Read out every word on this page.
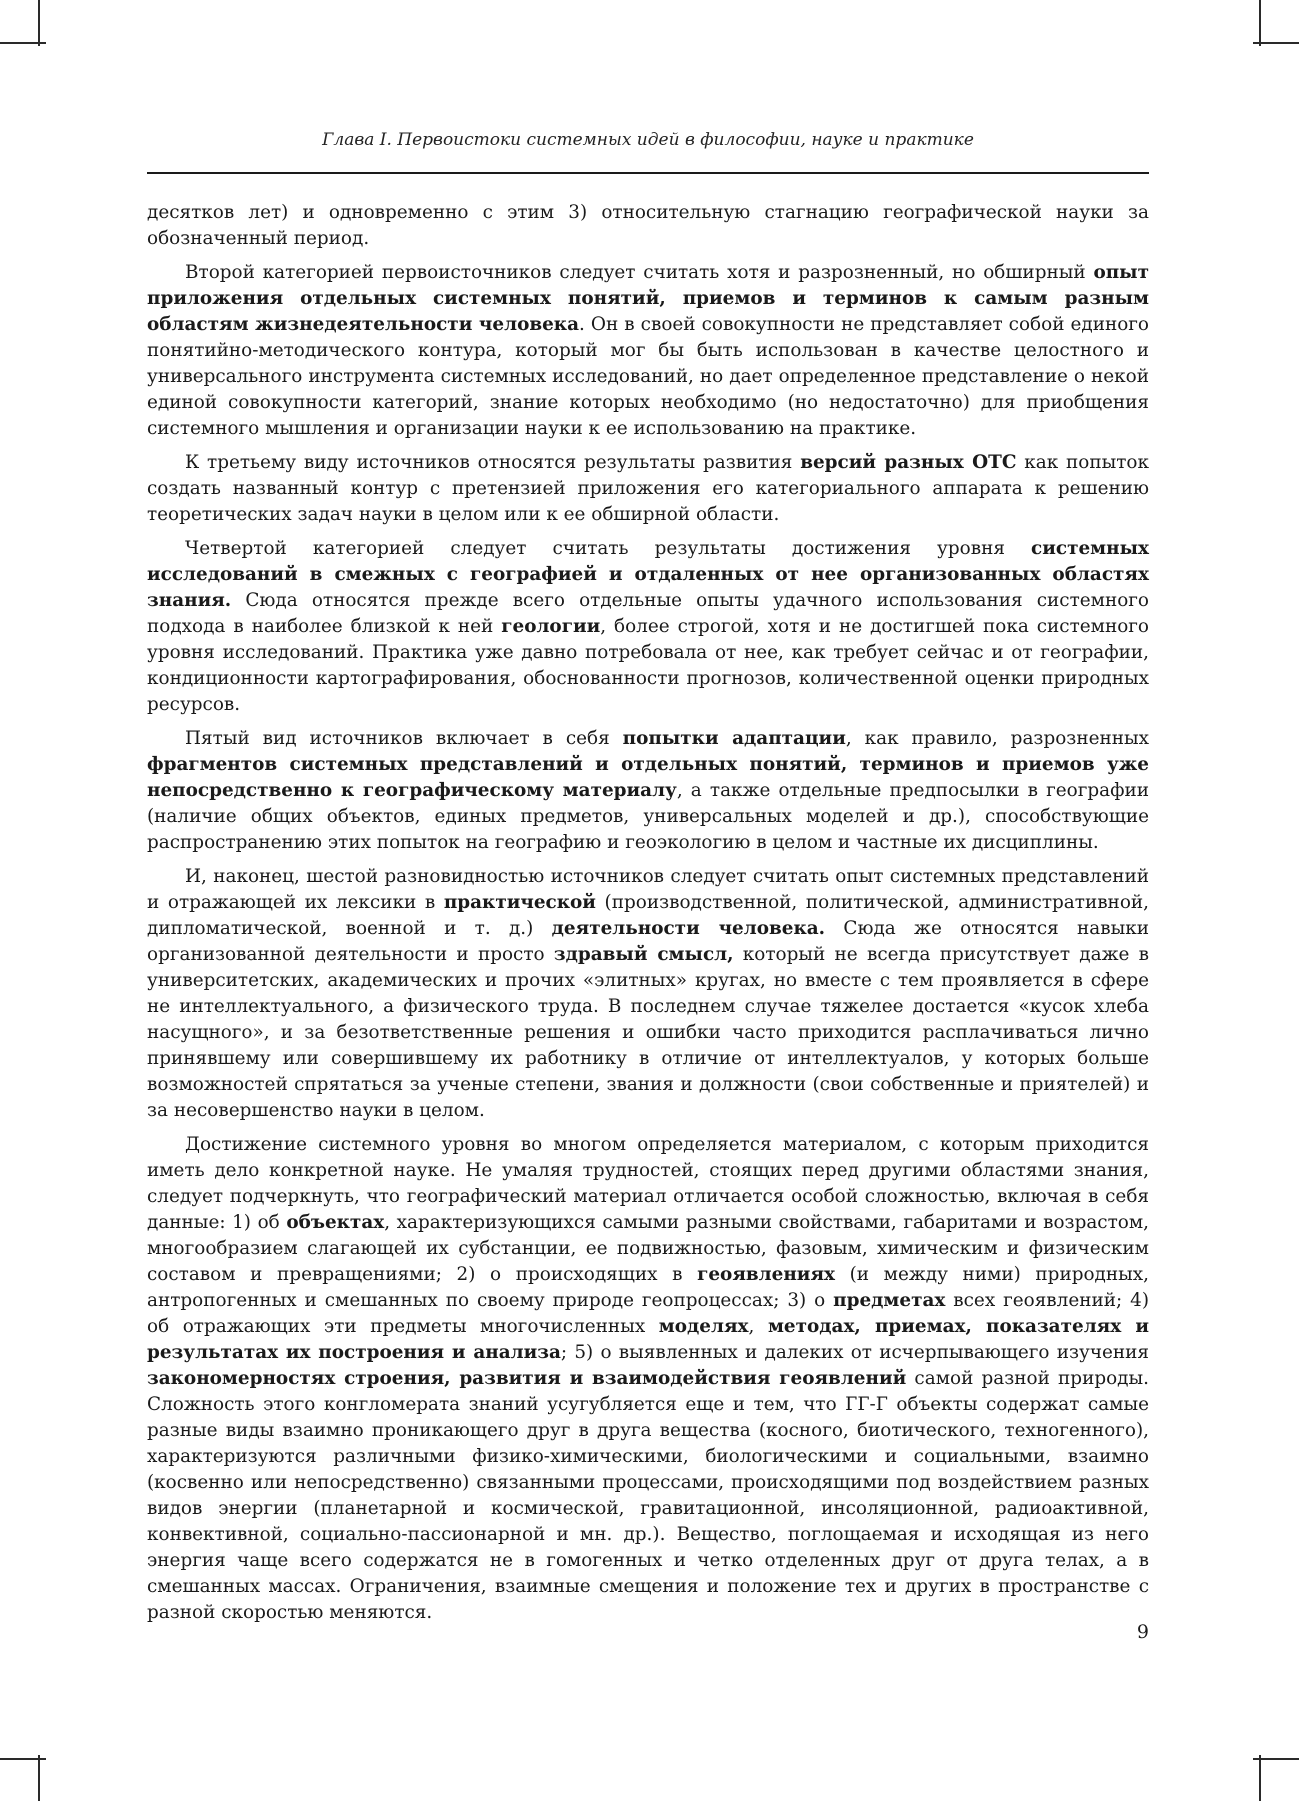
Глава I. Первоистоки системных идей в философии, науке и практике

десятков лет) и одновременно с этим 3) относительную стагнацию географической науки за обозначенный период.

Второй категорией первоисточников следует считать хотя и разрозненный, но обширный опыт приложения отдельных системных понятий, приемов и терминов к самым разным областям жизнедеятельности человека. Он в своей совокупности не представляет собой единого понятийно-методического контура, который мог бы быть использован в качестве целостного и универсального инструмента системных исследований, но дает определенное представление о некой единой совокупности категорий, знание которых необходимо (но недостаточно) для приобщения системного мышления и организации науки к ее использованию на практике.

К третьему виду источников относятся результаты развития версий разных ОТС как попыток создать названный контур с претензией приложения его категориального аппарата к решению теоретических задач науки в целом или к ее обширной области.

Четвертой категорией следует считать результаты достижения уровня системных исследований в смежных с географией и отдаленных от нее организованных областях знания. Сюда относятся прежде всего отдельные опыты удачного использования системного подхода в наиболее близкой к ней геологии, более строгой, хотя и не достигшей пока системного уровня исследований. Практика уже давно потребовала от нее, как требует сейчас и от географии, кондиционности картографирования, обоснованности прогнозов, количественной оценки природных ресурсов.

Пятый вид источников включает в себя попытки адаптации, как правило, разрозненных фрагментов системных представлений и отдельных понятий, терминов и приемов уже непосредственно к географическому материалу, а также отдельные предпосылки в географии (наличие общих объектов, единых предметов, универсальных моделей и др.), способствующие распространению этих попыток на географию и геоэкологию в целом и частные их дисциплины.

И, наконец, шестой разновидностью источников следует считать опыт системных представлений и отражающей их лексики в практической (производственной, политической, административной, дипломатической, военной и т. д.) деятельности человека. Сюда же относятся навыки организованной деятельности и просто здравый смысл, который не всегда присутствует даже в университетских, академических и прочих «элитных» кругах, но вместе с тем проявляется в сфере не интеллектуального, а физического труда. В последнем случае тяжелее достается «кусок хлеба насущного», и за безответственные решения и ошибки часто приходится расплачиваться лично принявшему или совершившему их работнику в отличие от интеллектуалов, у которых больше возможностей спрятаться за ученые степени, звания и должности (свои собственные и приятелей) и за несовершенство науки в целом.

Достижение системного уровня во многом определяется материалом, с которым приходится иметь дело конкретной науке. Не умаляя трудностей, стоящих перед другими областями знания, следует подчеркнуть, что географический материал отличается особой сложностью, включая в себя данные: 1) об объектах, характеризующихся самыми разными свойствами, габаритами и возрастом, многообразием слагающей их субстанции, ее подвижностью, фазовым, химическим и физическим составом и превращениями; 2) о происходящих в геоявлениях (и между ними) природных, антропогенных и смешанных по своему природе геопроцессах; 3) о предметах всех геоявлений; 4) об отражающих эти предметы многочисленных моделях, методах, приемах, показателях и результатах их построения и анализа; 5) о выявленных и далеких от исчерпывающего изучения закономерностях строения, развития и взаимодействия геоявлений самой разной природы. Сложность этого конгломерата знаний усугубляется еще и тем, что ГГ-Г объекты содержат самые разные виды взаимно проникающего друг в друга вещества (косного, биотического, техногенного), характеризуются различными физико-химическими, биологическими и социальными, взаимно (косвенно или непосредственно) связанными процессами, происходящими под воздействием разных видов энергии (планетарной и космической, гравитационной, инсоляционной, радиоактивной, конвективной, социально-пассионарной и мн. др.). Вещество, поглощаемая и исходящая из него энергия чаще всего содержатся не в гомогенных и четко отделенных друг от друга телах, а в смешанных массах. Ограничения, взаимные смещения и положение тех и других в пространстве с разной скоростью меняются.

9
